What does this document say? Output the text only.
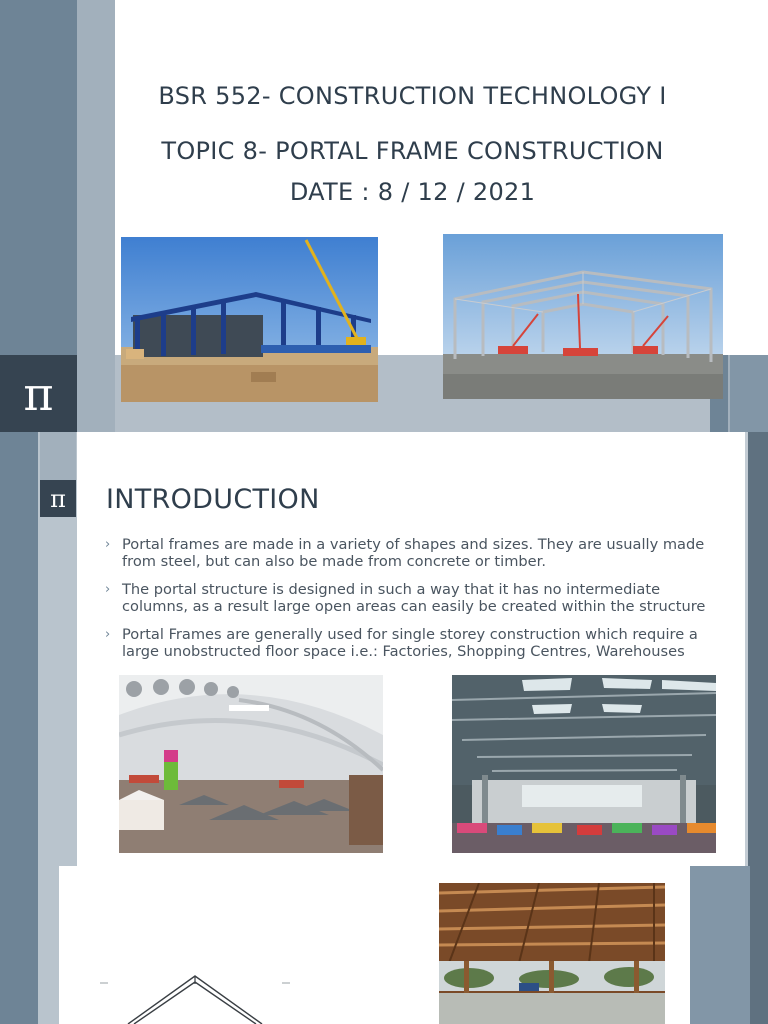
π
BSR 552- CONSTRUCTION TECHNOLOGY I
TOPIC 8- PORTAL FRAME CONSTRUCTION
DATE : 8 / 12 / 2021
π	INTRODUCTION
› Portal frames are made in a variety of shapes and sizes. They are usually made from steel, but can also be made from concrete or timber.
› The portal structure is designed in such a way that it has no intermediate columns, as a result large open areas can easily be created within the structure
› Portal Frames are generally used for single storey construction which require a large unobstructed floor space i.e.: Factories, Shopping Centres, Warehouses
